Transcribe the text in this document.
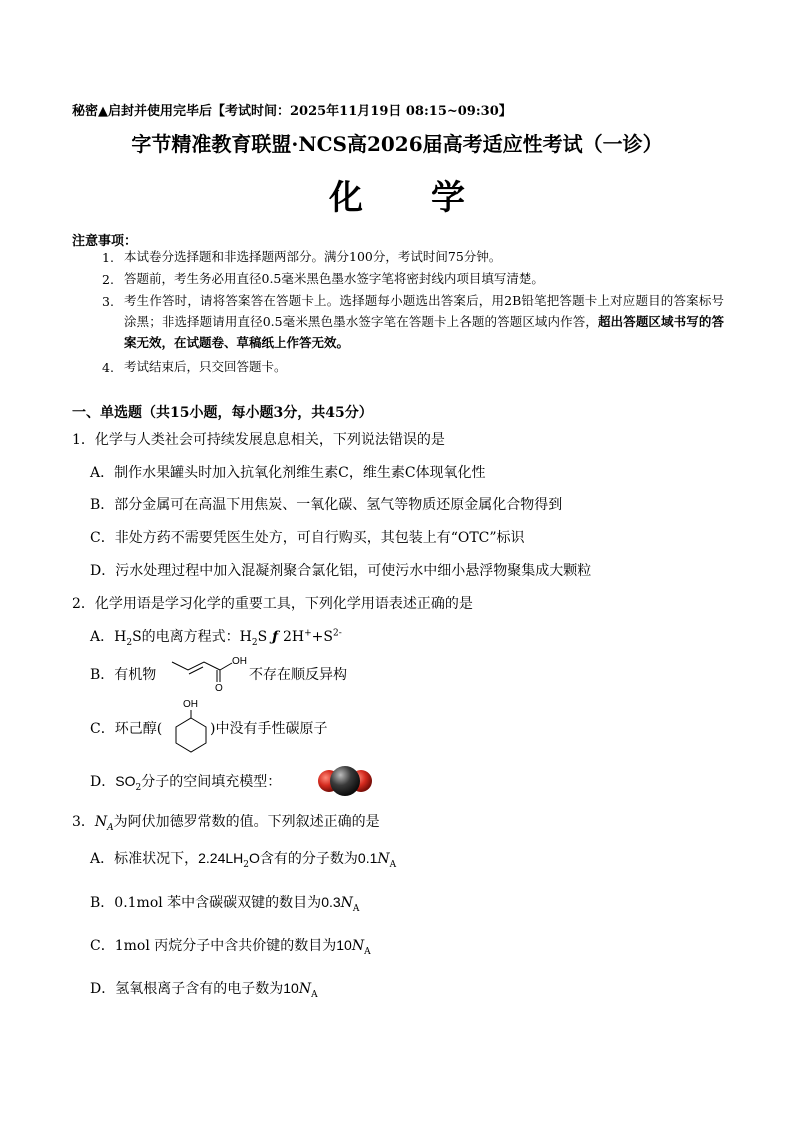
秘密▲启封并使用完毕后【考试时间：2025年11月19日 08:15~09:30】
字节精准教育联盟·NCS高2026届高考适应性考试（一诊）
化学
注意事项：
1. 本试卷分选择题和非选择题两部分。满分100分，考试时间75分钟。
2. 答题前，考生务必用直径0.5毫米黑色墨水签字笔将密封线内项目填写清楚。
3. 考生作答时，请将答案答在答题卡上。选择题每小题选出答案后，用2B铅笔把答题卡上对应题目的答案标号涂黑；非选择题请用直径0.5毫米黑色墨水签字笔在答题卡上各题的答题区域内作答，超出答题区域书写的答案无效，在试题卷、草稿纸上作答无效。
4. 考试结束后，只交回答题卡。
一、单选题（共15小题，每小题3分，共45分）
1．化学与人类社会可持续发展息息相关，下列说法错误的是
A．制作水果罐头时加入抗氧化剂维生素C，维生素C体现氧化性
B．部分金属可在高温下用焦炭、一氧化碳、氢气等物质还原金属化合物得到
C．非处方药不需要凭医生处方，可自行购买，其包装上有“OTC”标识
D．污水处理过程中加入混凝剂聚合氯化铝，可使污水中细小悬浮物聚集成大颗粒
2．化学用语是学习化学的重要工具，下列化学用语表述正确的是
A．$H_2S$的电离方程式：$H_2S$ ƒ $2H^++S^{2-}$
B．有机物
OH
O
不存在顺反异构
C．环己醇(
OH
)中没有手性碳原子
D．$SO_2$分子的空间填充模型：
3．$N_A$为阿伏加德罗常数的值。下列叙述正确的是
A．标准状况下，$2.24LH_2O$含有的分子数为$0.1N_A$
B．0.1mol 苯中含碳碳双键的数目为$0.3N_A$
C．1mol 丙烷分子中含共价键的数目为$10N_A$
D．氢氧根离子含有的电子数为$10N_A$
